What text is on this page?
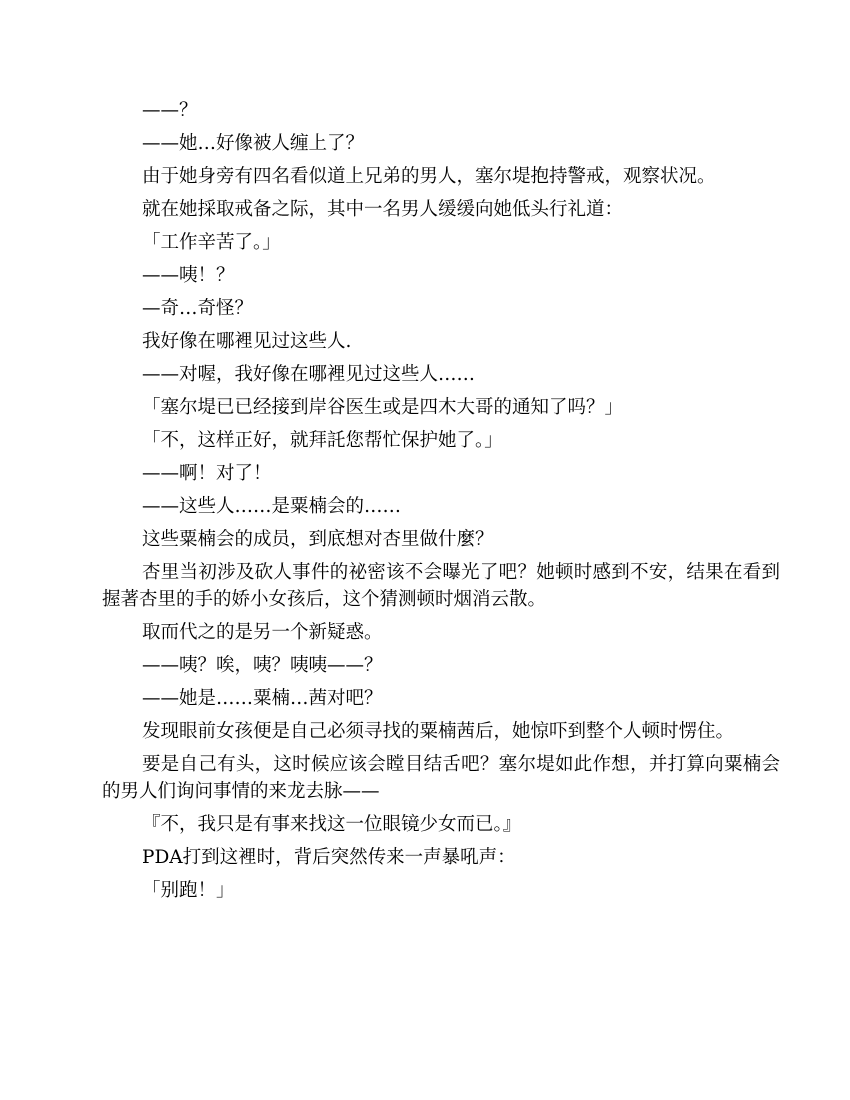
——？

——她…好像被人缠上了？

由于她身旁有四名看似道上兄弟的男人，塞尔堤抱持警戒，观察状况。

就在她採取戒备之际，其中一名男人缓缓向她低头行礼道：

「工作辛苦了。」

——咦！？

—奇…奇怪？

我好像在哪裡见过这些人.

——对喔，我好像在哪裡见过这些人……

「塞尔堤已已经接到岸谷医生或是四木大哥的通知了吗？」

「不，这样正好，就拜託您帮忙保护她了。」

——啊！对了！

——这些人……是粟楠会的……

这些粟楠会的成员，到底想对杏里做什麼？

杏里当初涉及砍人事件的祕密该不会曝光了吧？她顿时感到不安，结果在看到握著杏里的手的娇小女孩后，这个猜测顿时烟消云散。

取而代之的是另一个新疑惑。

——咦？唉，咦？咦咦——？

——她是……粟楠…茜对吧？

发现眼前女孩便是自己必须寻找的粟楠茜后，她惊吓到整个人顿时愣住。

要是自己有头，这时候应该会瞠目结舌吧？塞尔堤如此作想，并打算向粟楠会的男人们询问事情的来龙去脉——

『不，我只是有事来找这一位眼镜少女而已。』

PDA打到这裡时，背后突然传来一声暴吼声：

「别跑！」
